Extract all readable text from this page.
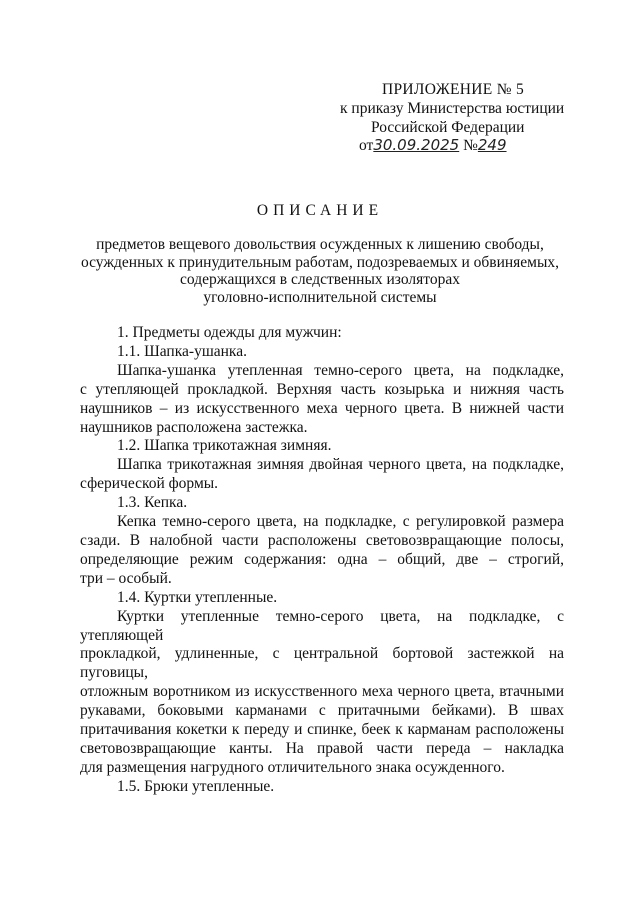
ПРИЛОЖЕНИЕ № 5
к приказу Министерства юстиции
Российской Федерации
от30.09.2025 №249
ОПИСАНИЕ
предметов вещевого довольствия осужденных к лишению свободы,
осужденных к принудительным работам, подозреваемых и обвиняемых,
содержащихся в следственных изоляторах
уголовно-исполнительной системы

1. Предметы одежды для мужчин:

1.1. Шапка-ушанка.

Шапка-ушанка утепленная темно-серого цвета, на подкладке,

с утепляющей прокладкой. Верхняя часть козырька и нижняя часть

наушников – из искусственного меха черного цвета. В нижней части

наушников расположена застежка.

1.2. Шапка трикотажная зимняя.

Шапка трикотажная зимняя двойная черного цвета, на подкладке,

сферической формы.

1.3. Кепка.

Кепка темно-серого цвета, на подкладке, с регулировкой размера

сзади. В налобной части расположены световозвращающие полосы,

определяющие режим содержания: одна – общий, две – строгий,

три – особый.

1.4. Куртки утепленные.

Куртки утепленные темно-серого цвета, на подкладке, с утепляющей

прокладкой, удлиненные, с центральной бортовой застежкой на пуговицы,

отложным воротником из искусственного меха черного цвета, втачными

рукавами, боковыми карманами с притачными бейками). В швах

притачивания кокетки к переду и спинке, беек к карманам расположены

световозвращающие канты. На правой части переда – накладка

для размещения нагрудного отличительного знака осужденного.

1.5. Брюки утепленные.
